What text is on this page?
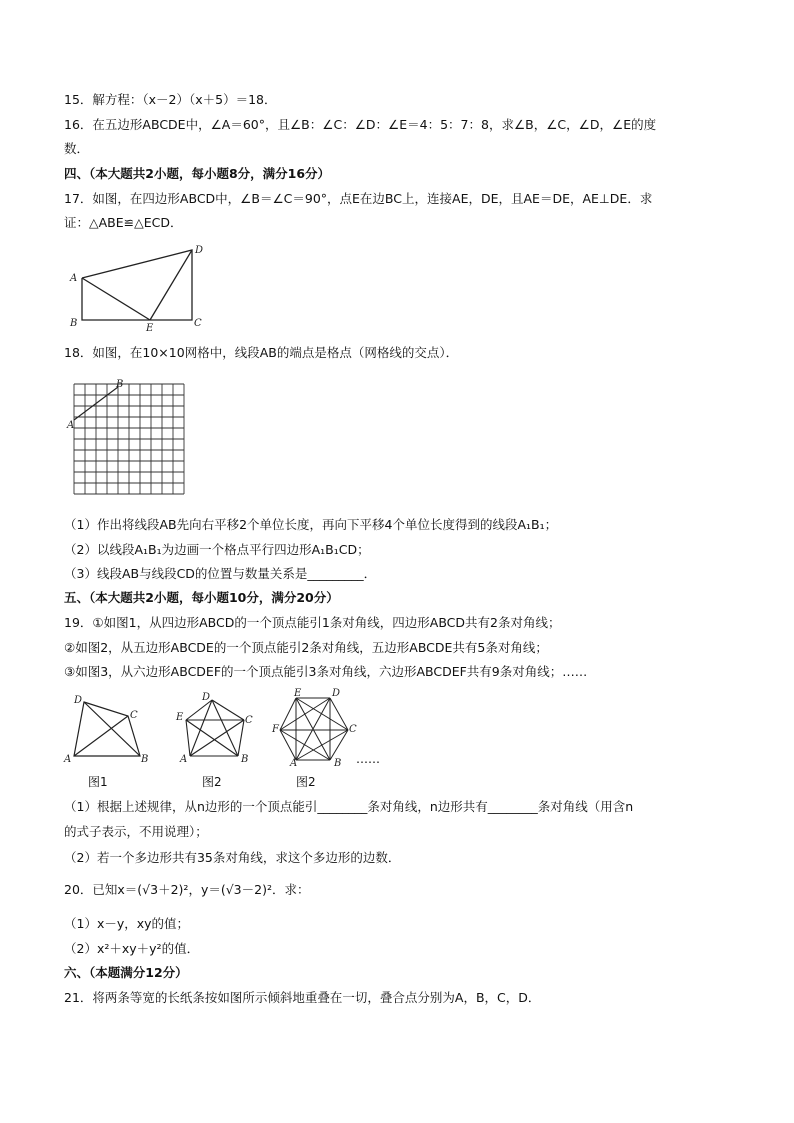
15．解方程：（x－2）（x＋5）＝18．
16．在五边形ABCDE中，∠A＝60°，且∠B：∠C：∠D：∠E＝4：5：7：8，求∠B，∠C，∠D，∠E的度
数．
四、（本大题共2小题，每小题8分，满分16分）
17．如图，在四边形ABCD中，∠B＝∠C＝90°，点E在边BC上，连接AE，DE，且AE＝DE，AE⊥DE．求
证：△ABE≌△ECD．
A
B	C
D
E
18．如图，在10×10网格中，线段AB的端点是格点（网格线的交点）．
A
B
（1）作出将线段AB先向右平移2个单位长度，再向下平移4个单位长度得到的线段A₁B₁；
（2）以线段A₁B₁为边画一个格点平行四边形A₁B₁CD；
（3）线段AB与线段CD的位置与数量关系是_________．
五、（本大题共2小题，每小题10分，满分20分）
19．①如图1，从四边形ABCD的一个顶点能引1条对角线，四边形ABCD共有2条对角线；
②如图2，从五边形ABCDE的一个顶点能引2条对角线，五边形ABCDE共有5条对角线；
③如图3，从六边形ABCDEF的一个顶点能引3条对角线，六边形ABCDEF共有9条对角线；……
D
C
A	B
图1
D
E	C
A	B
图2
E	D
F	C
A	B
图2
……
（1）根据上述规律，从n边形的一个顶点能引________条对角线，n边形共有________条对角线（用含n
的式子表示，不用说理）；
（2）若一个多边形共有35条对角线，求这个多边形的边数．
20．已知x＝(√3＋2)²，y＝(√3－2)²．求：
（1）x－y，xy的值；
（2）x²＋xy＋y²的值．
六、（本题满分12分）
21．将两条等宽的长纸条按如图所示倾斜地重叠在一切，叠合点分别为A，B，C，D．
